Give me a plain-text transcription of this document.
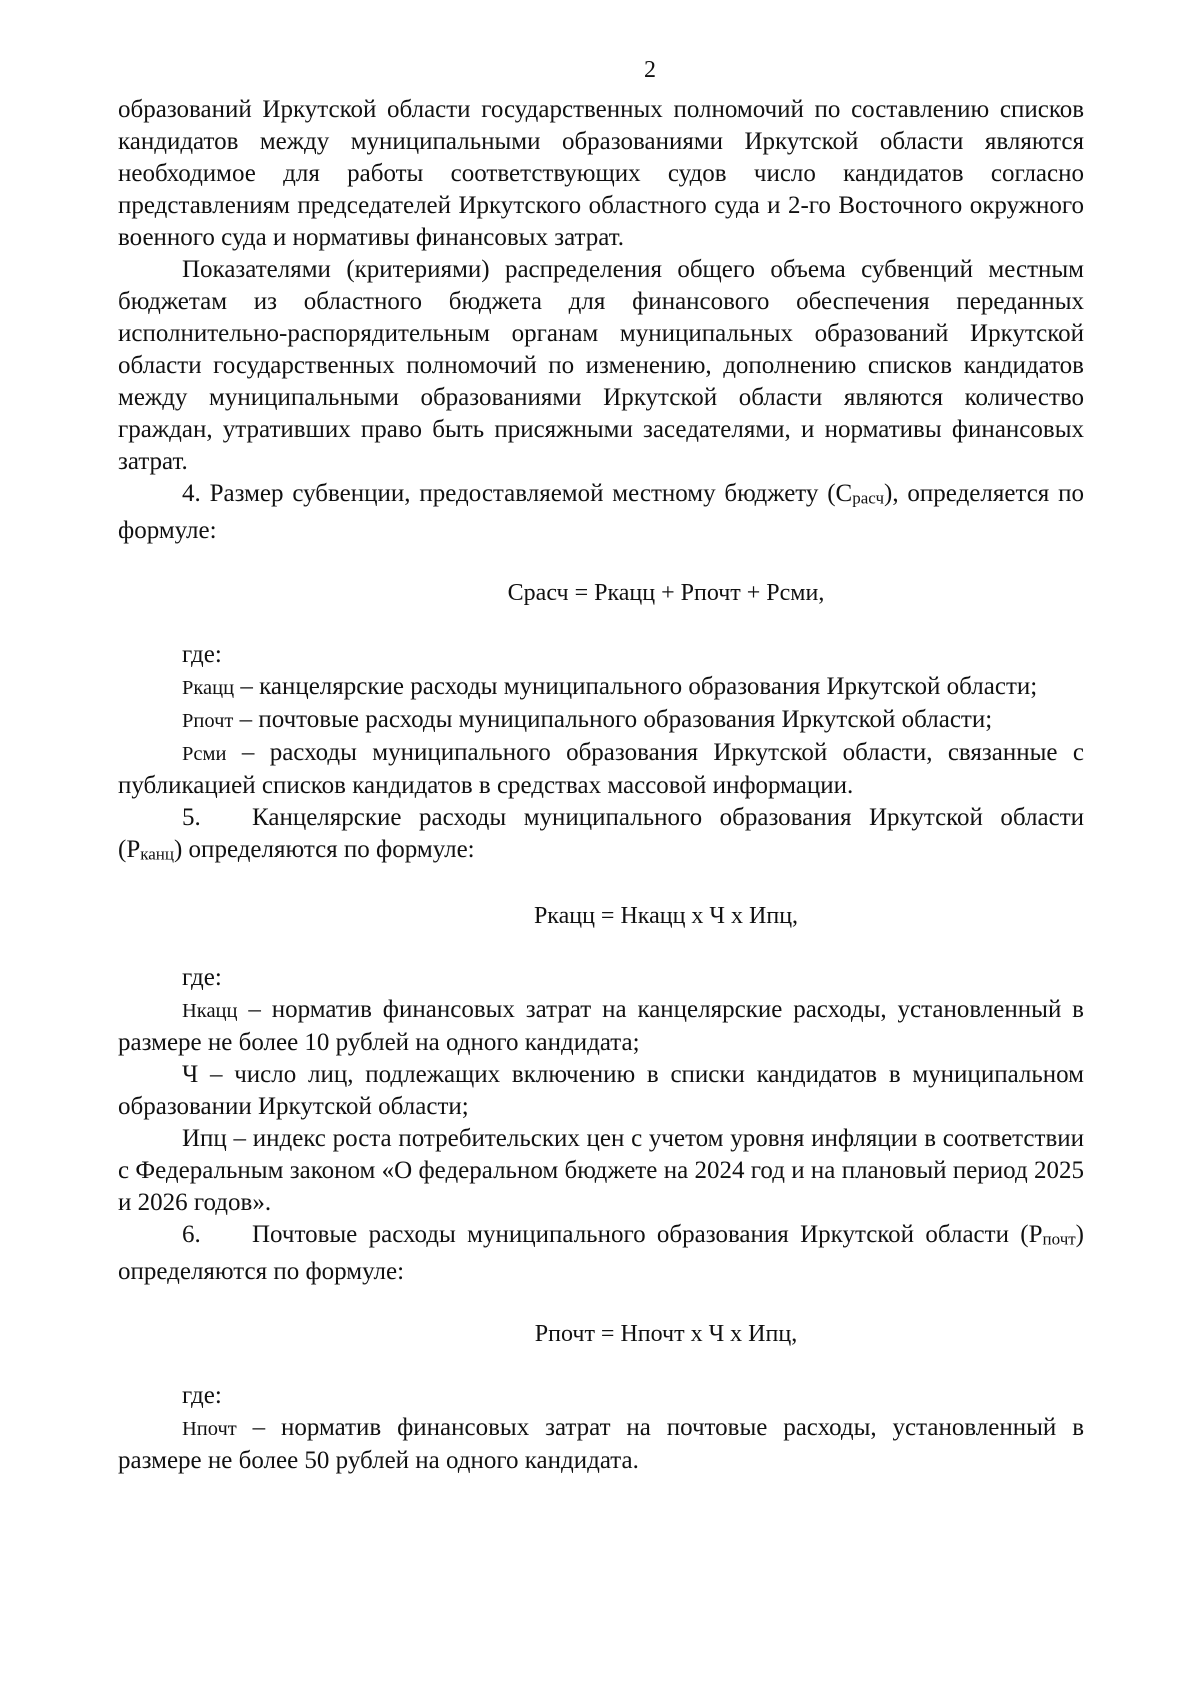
2

образований Иркутской области государственных полномочий по составлению списков кандидатов между муниципальными образованиями Иркутской области являются необходимое для работы соответствующих судов число кандидатов согласно представлениям председателей Иркутского областного суда и 2-го Восточного окружного военного суда и нормативы финансовых затрат.

Показателями (критериями) распределения общего объема субвенций местным бюджетам из областного бюджета для финансового обеспечения переданных исполнительно-распорядительным органам муниципальных образований Иркутской области государственных полномочий по изменению, дополнению списков кандидатов между муниципальными образованиями Иркутской области являются количество граждан, утративших право быть присяжными заседателями, и нормативы финансовых затрат.

4. Размер субвенции, предоставляемой местному бюджету (Срасч), определяется по формуле:

Срасч = Ркацц + Рпочт + Рсми,

где:

Ркацц – канцелярские расходы муниципального образования Иркутской области;

Рпочт – почтовые расходы муниципального образования Иркутской области;

Рсми – расходы муниципального образования Иркутской области, связанные с публикацией списков кандидатов в средствах массовой информации.

5. Канцелярские расходы муниципального образования Иркутской области (Рканц) определяются по формуле:

Ркацц = Нкацц х Ч х Ипц,

где:

Нкацц – норматив финансовых затрат на канцелярские расходы, установленный в размере не более 10 рублей на одного кандидата;

Ч – число лиц, подлежащих включению в списки кандидатов в муниципальном образовании Иркутской области;

Ипц – индекс роста потребительских цен с учетом уровня инфляции в соответствии с Федеральным законом «О федеральном бюджете на 2024 год и на плановый период 2025 и 2026 годов».

6. Почтовые расходы муниципального образования Иркутской области (Рпочт) определяются по формуле:

Рпочт = Нпочт х Ч х Ипц,

где:

Нпочт – норматив финансовых затрат на почтовые расходы, установленный в размере не более 50 рублей на одного кандидата.
